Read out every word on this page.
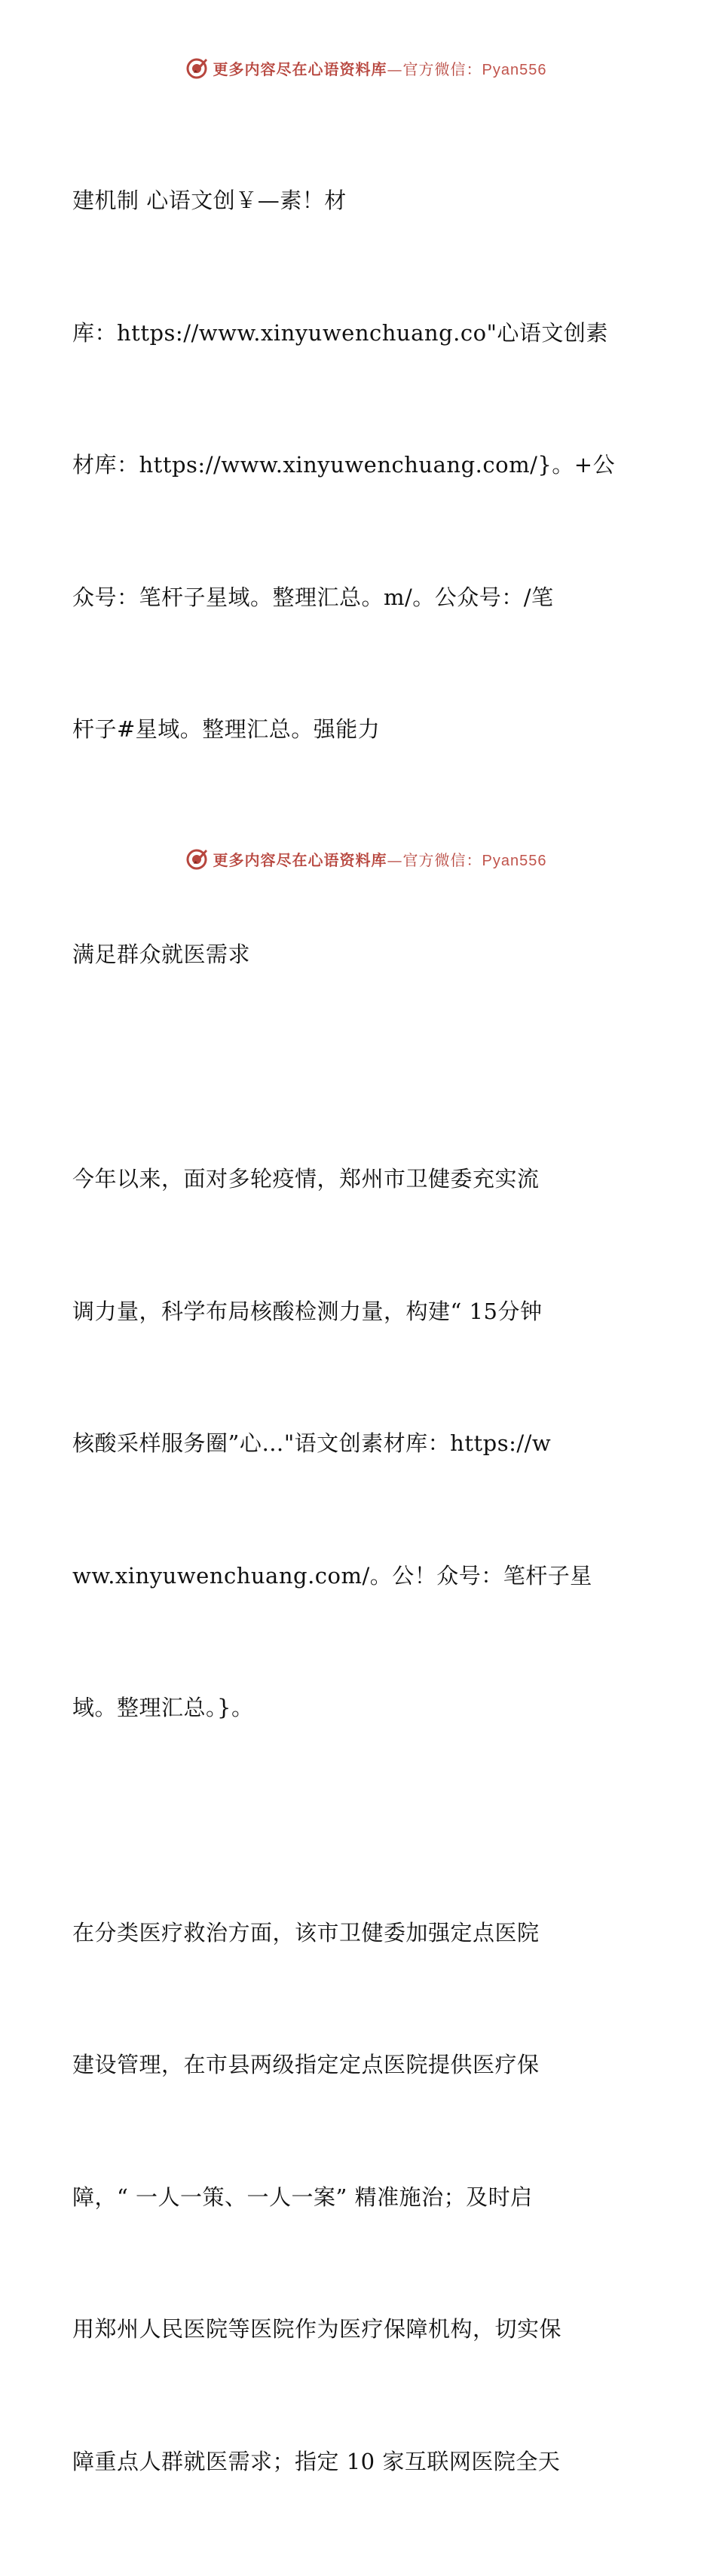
更多内容尽在心语资料库—官方微信：Pyan556

建机制 心语文创￥—素！材

库：https://www.xinyuwenchuang.co"心语文创素

材库：https://www.xinyuwenchuang.com/}。+公

众号：笔杆子星域。整理汇总。m/。公众号：/笔

杆子#星域。整理汇总。强能力

满足群众就医需求

今年以来，面对多轮疫情，郑州市卫健委充实流

调力量，科学布局核酸检测力量，构建“ 15分钟

核酸采样服务圈”心…"语文创素材库：https://w

ww.xinyuwenchuang.com/。公！众号：笔杆子星

域。整理汇总。}。

在分类医疗救治方面，该市卫健委加强定点医院

建设管理，在市县两级指定定点医院提供医疗保

障，“ 一人一策、一人一案” 精准施治；及时启

用郑州人民医院等医院作为医疗保障机构，切实保

障重点人群就医需求；指定 10 家互联网医院全天

更多内容尽在心语资料库—官方微信：Pyan556
